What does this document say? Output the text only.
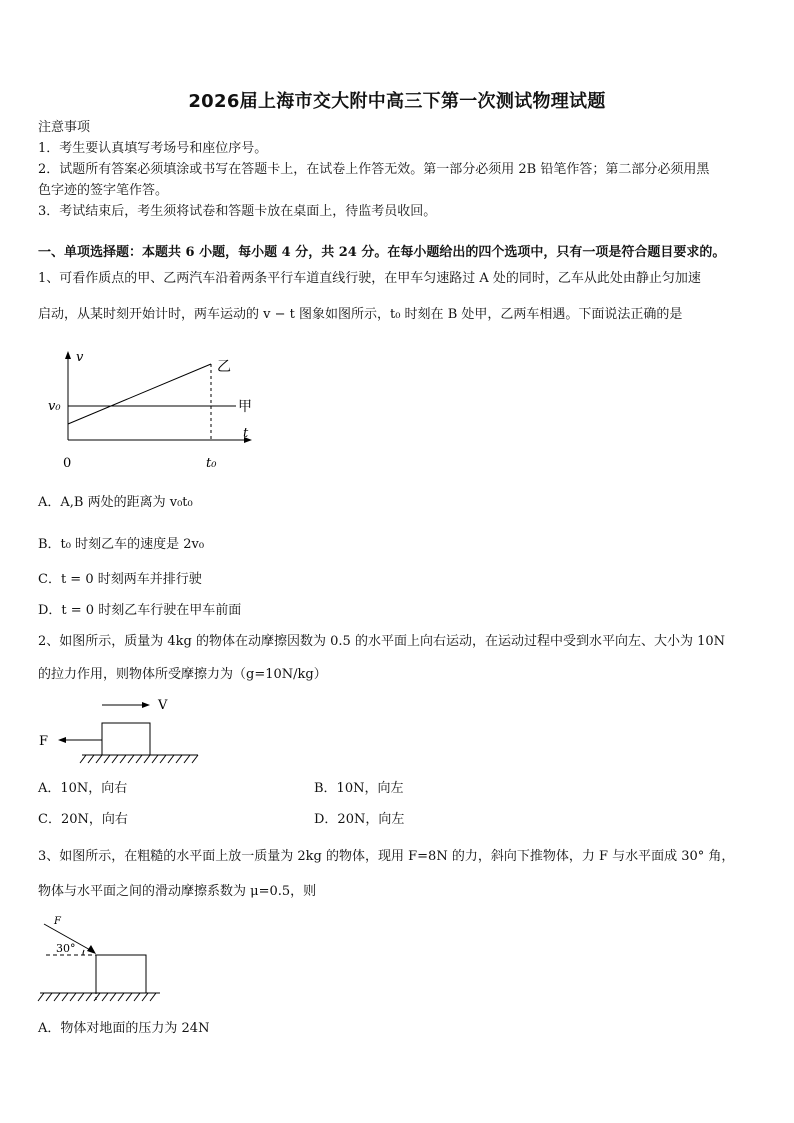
2026届上海市交大附中高三下第一次测试物理试题
注意事项
1．考生要认真填写考场号和座位序号。
2．试题所有答案必须填涂或书写在答题卡上，在试卷上作答无效。第一部分必须用 2B 铅笔作答；第二部分必须用黑
色字迹的签字笔作答。
3．考试结束后，考生须将试卷和答题卡放在桌面上，待监考员收回。
一、单项选择题：本题共 6 小题，每小题 4 分，共 24 分。在每小题给出的四个选项中，只有一项是符合题目要求的。
1、可看作质点的甲、乙两汽车沿着两条平行车道直线行驶，在甲车匀速路过 A 处的同时，乙车从此处由静止匀加速
启动，从某时刻开始计时，两车运动的 v − t 图象如图所示，t₀ 时刻在 B 处甲，乙两车相遇。下面说法正确的是
v
t
0
v₀
t₀
乙
甲
A．A,B 两处的距离为 v₀t₀
B．t₀ 时刻乙车的速度是 2v₀
C．t = 0 时刻两车并排行驶
D．t = 0 时刻乙车行驶在甲车前面
2、如图所示，质量为 4kg 的物体在动摩擦因数为 0.5 的水平面上向右运动，在运动过程中受到水平向左、大小为 10N
的拉力作用，则物体所受摩擦力为（g=10N/kg）
V
F
A．10N，向右	B．10N，向左
C．20N，向右	D．20N，向左
3、如图所示，在粗糙的水平面上放一质量为 2kg 的物体，现用 F=8N 的力，斜向下推物体，力 F 与水平面成 30° 角，
物体与水平面之间的滑动摩擦系数为 μ=0.5，则
F
30°
A．物体对地面的压力为 24N
